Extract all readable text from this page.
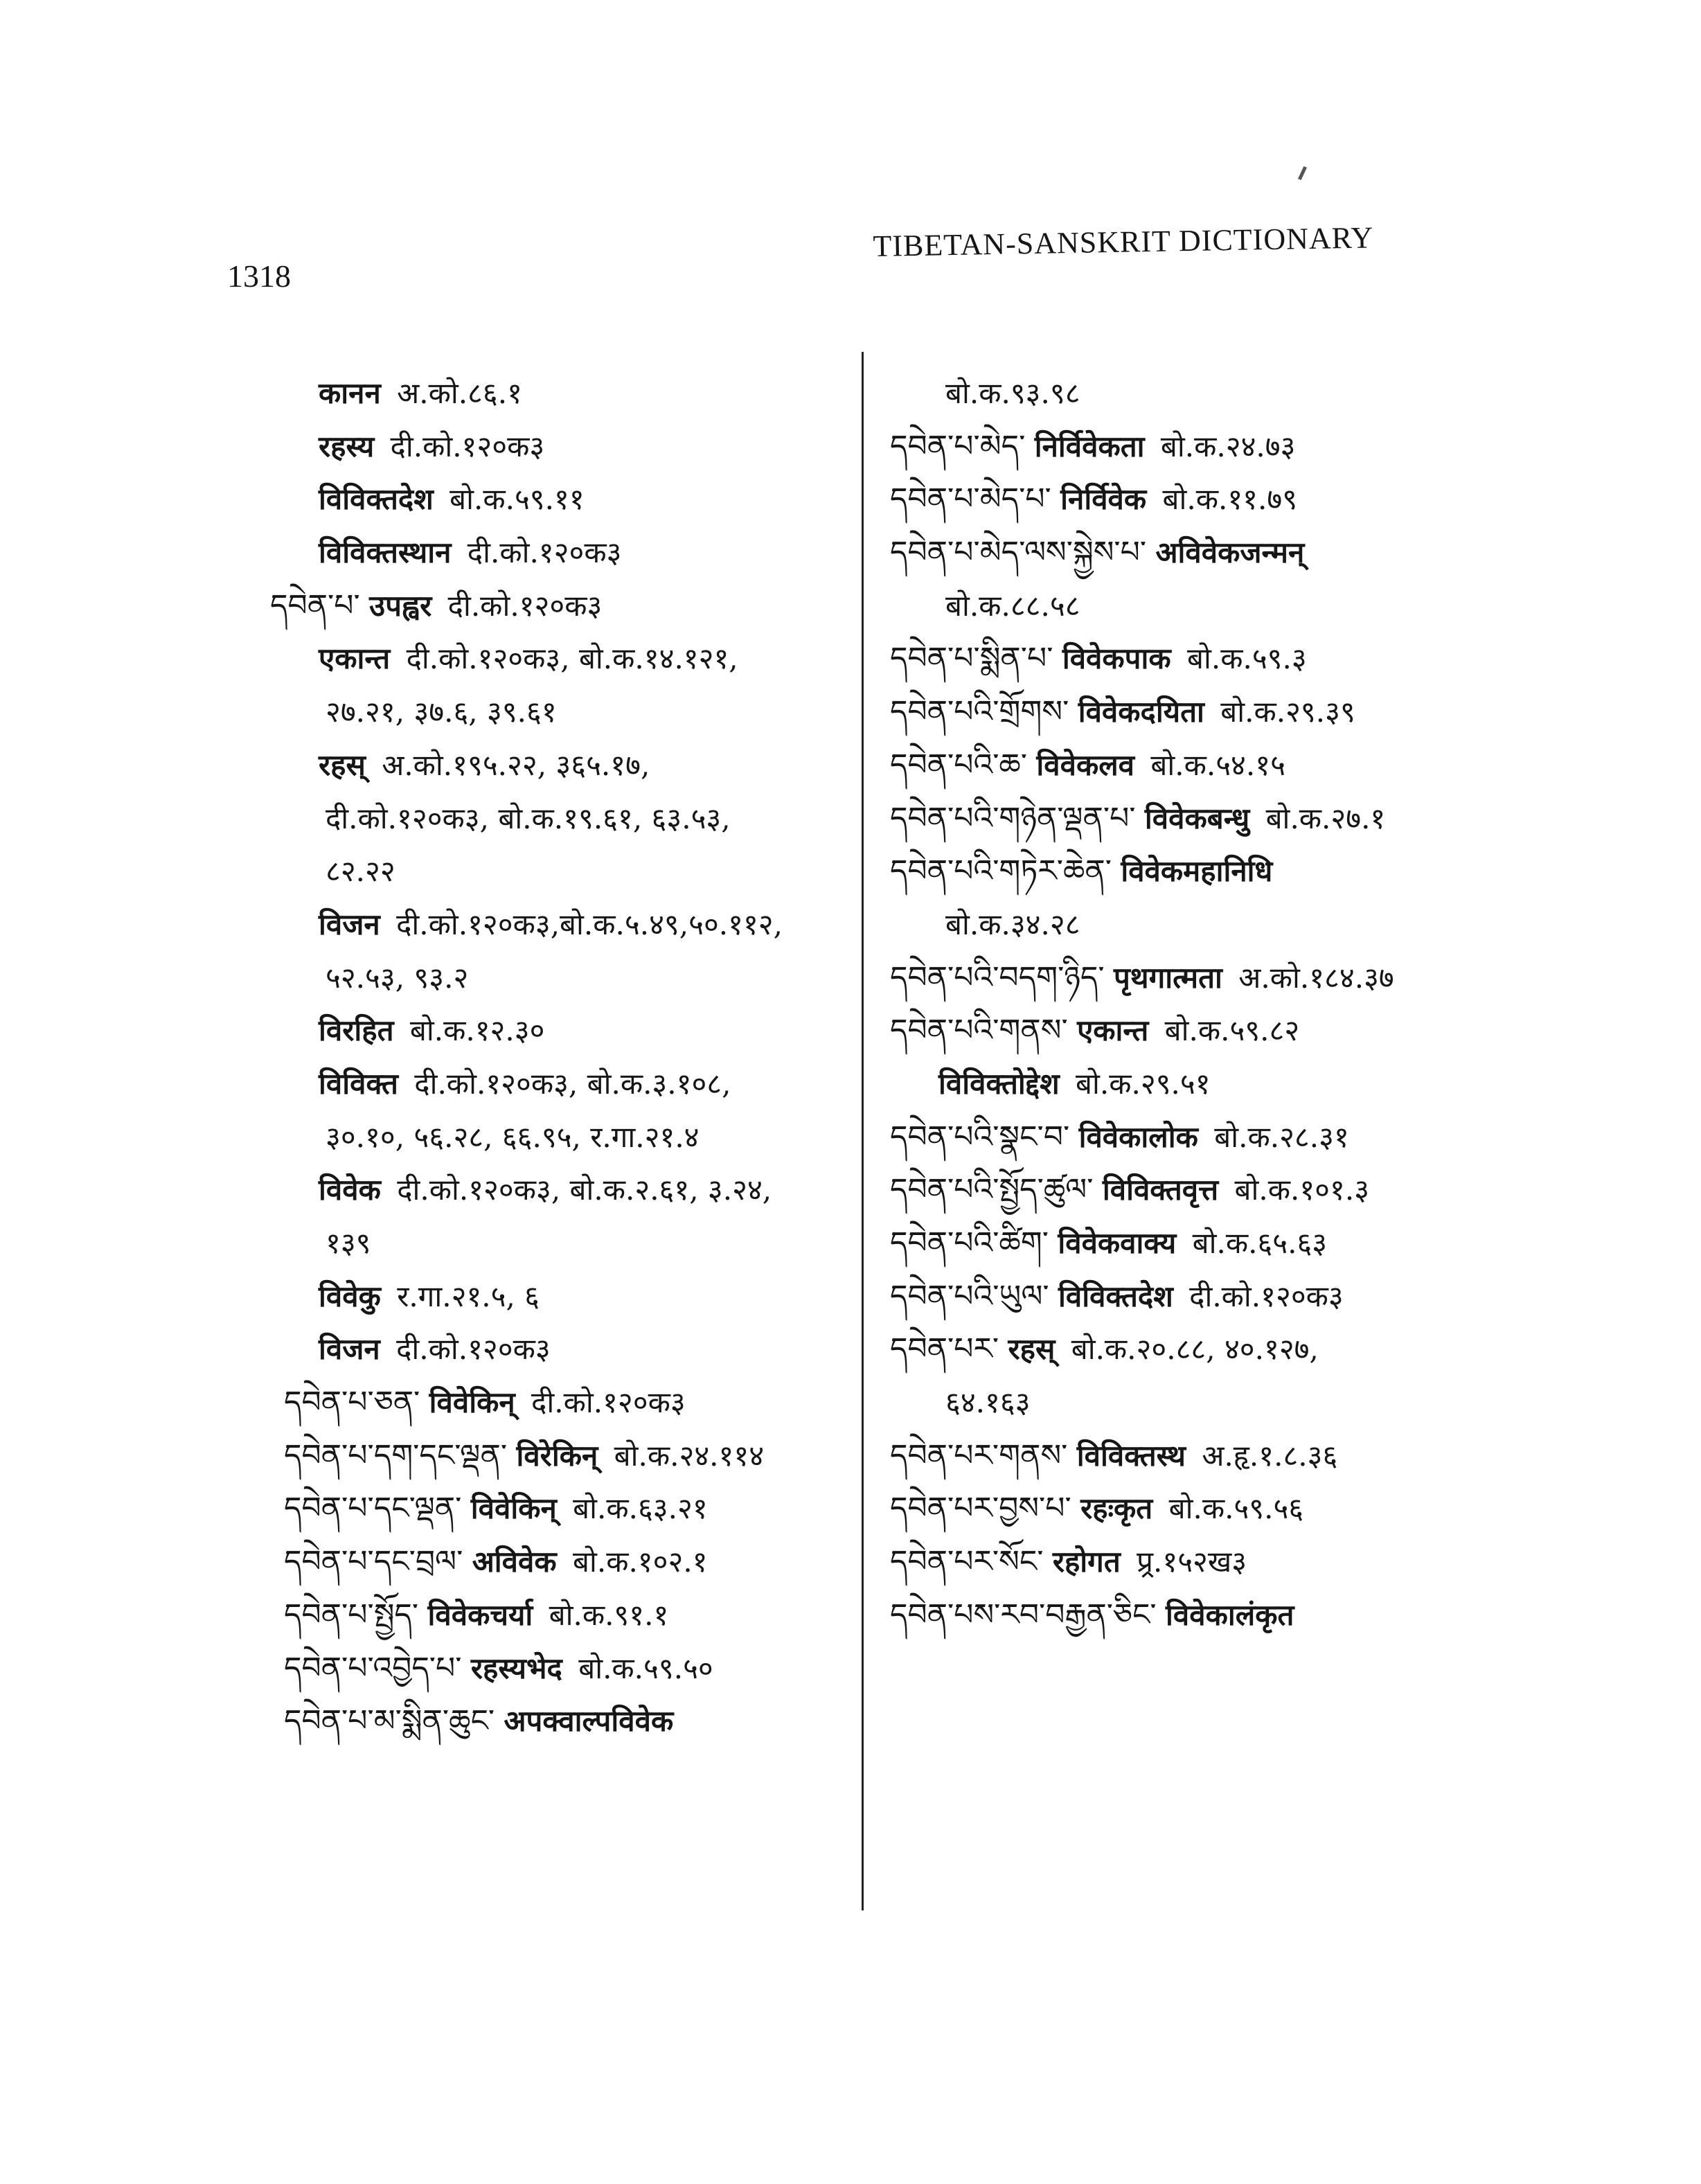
1318
TIBETAN-SANSKRIT DICTIONARY
कानन अ.को.८६.१
रहस्य दी.को.१२०क३
विविक्तदेश बो.क.५९.११
विविक्तस्थान दी.को.१२०क३
དབེན་པ་ उपह्वर दी.को.१२०क३
एकान्त दी.को.१२०क३, बो.क.१४.१२१,
२७.२१, ३७.६, ३९.६१
रहस् अ.को.१९५.२२, ३६५.१७,
दी.को.१२०क३, बो.क.१९.६१, ६३.५३,
८२.२२
विजन दी.को.१२०क३,बो.क.५.४९,५०.११२,
५२.५३, ९३.२
विरहित बो.क.१२.३०
विविक्त दी.को.१२०क३, बो.क.३.१०८,
३०.१०, ५६.२८, ६६.९५, र.गा.२१.४
विवेक दी.को.१२०क३, बो.क.२.६१, ३.२४,
१३९
विवेकु र.गा.२१.५, ६
विजन दी.को.१२०क३
དབེན་པ་ཅན་ विवेकिन् दी.को.१२०क३
དབེན་པ་དག་དང་ལྡན་ विरेकिन् बो.क.२४.११४
དབེན་པ་དང་ལྡན་ विवेकिन् बो.क.६३.२१
དབེན་པ་དང་བྲལ་ अविवेक बो.क.१०२.१
དབེན་པ་སྤྱོད་ विवेकचर्या बो.क.९१.१
དབེན་པ་འབྱེད་པ་ रहस्यभेद बो.क.५९.५०
དབེན་པ་མ་སྨིན་ཆུང་ अपक्वाल्पविवेक
बो.क.९३.९८
དབེན་པ་མེད་ निर्विवेकता बो.क.२४.७३
དབེན་པ་མེད་པ་ निर्विवेक बो.क.११.७९
དབེན་པ་མེད་ལས་སྐྱེས་པ་ अविवेकजन्मन्
बो.क.८८.५८
དབེན་པ་སྨིན་པ་ विवेकपाक बो.क.५९.३
དབེན་པའི་གྲོགས་ विवेकदयिता बो.क.२९.३९
དབེན་པའི་ཆ་ विवेकलव बो.क.५४.१५
དབེན་པའི་གཉེན་ལྡན་པ་ विवेकबन्धु बो.क.२७.१
དབེན་པའི་གཏེར་ཆེན་ विवेकमहानिधि
बो.क.३४.२८
དབེན་པའི་བདག་ཉིད་ पृथगात्मता अ.को.१८४.३७
དབེན་པའི་གནས་ एकान्त बो.क.५९.८२
विविक्तोद्देश बो.क.२९.५१
དབེན་པའི་སྣང་བ་ विवेकालोक बो.क.२८.३१
དབེན་པའི་སྤྱོད་ཚུལ་ विविक्तवृत्त बो.क.१०१.३
དབེན་པའི་ཚིག་ विवेकवाक्य बो.क.६५.६३
དབེན་པའི་ཡུལ་ विविक्तदेश दी.को.१२०क३
དབེན་པར་ रहस् बो.क.२०.८८, ४०.१२७,
६४.१६३
དབེན་པར་གནས་ विविक्तस्थ अ.हृ.१.८.३६
དབེན་པར་བྱས་པ་ रहःकृत बो.क.५९.५६
དབེན་པར་སོང་ रहोगत प्र्र.१५२ख३
དབེན་པས་རབ་བརྒྱན་ཅིང་ विवेकालंकृत
